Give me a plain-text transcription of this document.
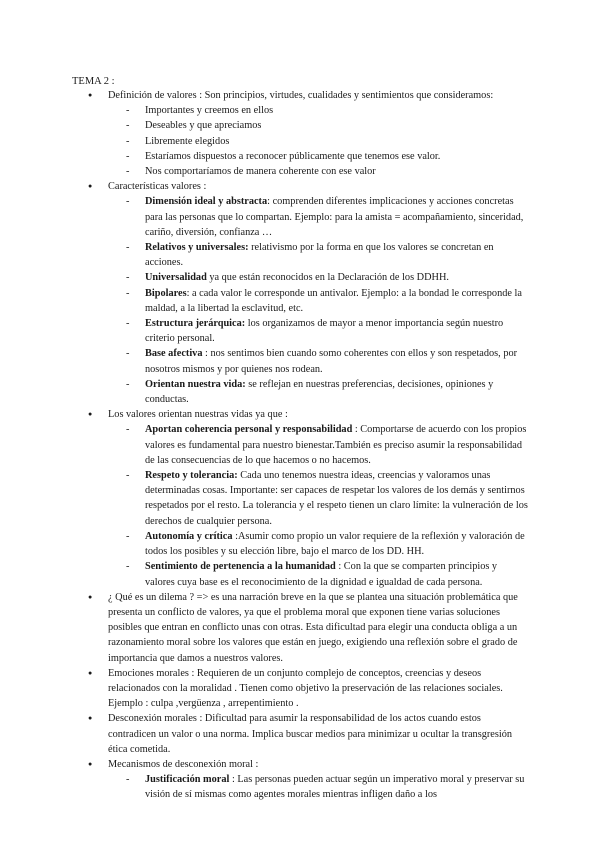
TEMA 2 :

● Definición de valores : Son principios, virtudes, cualidades y sentimientos que consideramos:
- Importantes y creemos en ellos
- Deseables y que apreciamos
- Libremente elegidos
- Estaríamos dispuestos a reconocer públicamente que tenemos ese valor.
- Nos comportaríamos de manera coherente con ese valor
● Características valores :
- Dimensión ideal y abstracta: comprenden diferentes implicaciones y acciones concretas para las personas que lo compartan. Ejemplo: para la amista = acompañamiento, sinceridad, cariño, diversión, confianza …
- Relativos y universales: relativismo por la forma en que los valores se concretan en acciones.
- Universalidad ya que están reconocidos en la Declaración de los DDHH.
- Bipolares: a cada valor le corresponde un antivalor. Ejemplo: a la bondad le corresponde la maldad, a la libertad la esclavitud, etc.
- Estructura jerárquica: los organizamos de mayor a menor importancia según nuestro criterio personal.
- Base afectiva : nos sentimos bien cuando somo coherentes con ellos y son respetados, por nosotros mismos y por quienes nos rodean.
- Orientan nuestra vida: se reflejan en nuestras preferencias, decisiones, opiniones y conductas.
● Los valores orientan nuestras vidas ya que :
- Aportan coherencia personal y responsabilidad : Comportarse de acuerdo con los propios valores es fundamental para nuestro bienestar.También es preciso asumir la responsabilidad de las consecuencias de lo que hacemos o no hacemos.
- Respeto y tolerancia: Cada uno tenemos nuestra ideas, creencias y valoramos unas determinadas cosas. Importante: ser capaces de respetar los valores de los demás y sentirnos respetados por el resto. La tolerancia y el respeto tienen un claro límite: la vulneración de los derechos de cualquier persona.
- Autonomía y crítica :Asumir como propio un valor requiere de la reflexión y valoración de todos los posibles y su elección libre, bajo el marco de los DD. HH.
- Sentimiento de pertenencia a la humanidad : Con la que se comparten principios y valores cuya base es el reconocimiento de la dignidad e igualdad de cada persona.
● ¿ Qué es un dilema ? => es una narración breve en la que se plantea una situación problemática que presenta un conflicto de valores, ya que el problema moral que exponen tiene varias soluciones posibles que entran en conflicto unas con otras. Esta dificultad para elegir una conducta obliga a un razonamiento moral sobre los valores que están en juego, exigiendo una reflexión sobre el grado de importancia que damos a nuestros valores.
● Emociones morales : Requieren de un conjunto complejo de conceptos, creencias y deseos relacionados con la moralidad . Tienen como objetivo la preservación de las relaciones sociales. Ejemplo : culpa ,vergüenza , arrepentimiento .
● Desconexión morales : Dificultad para asumir la responsabilidad de los actos cuando estos contradicen un valor o una norma. Implica buscar medios para minimizar u ocultar la transgresión ética cometida.
● Mecanismos de desconexión moral :
- Justificación moral : Las personas pueden actuar según un imperativo moral y preservar su visión de sí mismas como agentes morales mientras infligen daño a los
